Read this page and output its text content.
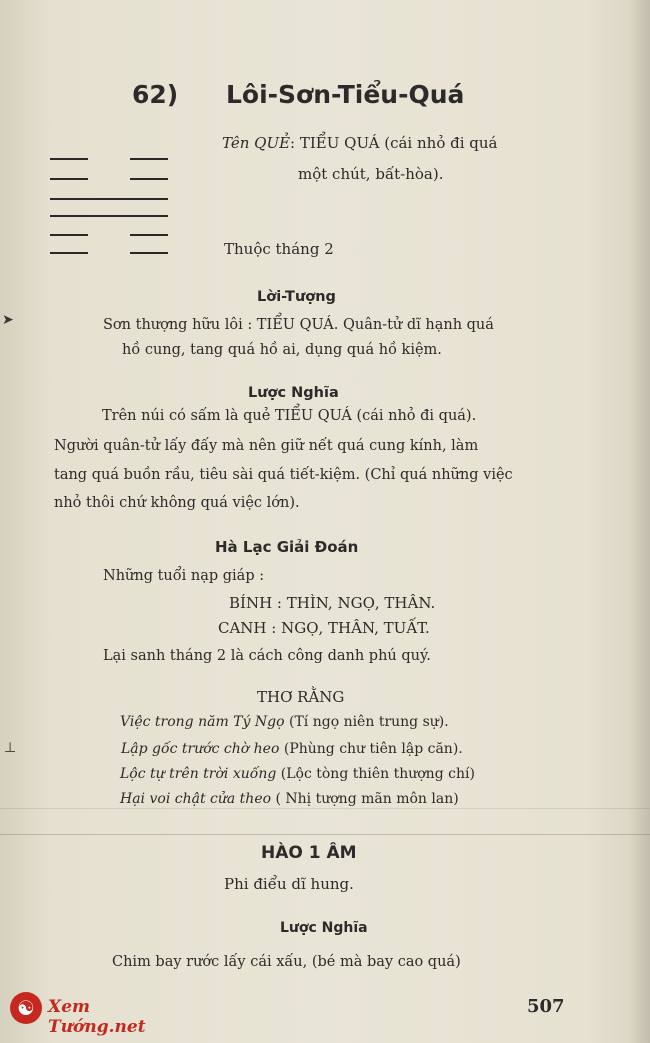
➤
⊥
62) Lôi-Sơn-Tiểu-Quá
Tên QUẺ: TIỂU QUÁ (cái nhỏ đi quá
một chút, bất-hòa).
Thuộc tháng 2
Lời-Tượng
Sơn thượng hữu lôi : TIỂU QUÁ. Quân-tử dĩ hạnh quá
hồ cung, tang quá hồ ai, dụng quá hồ kiệm.
Lược Nghĩa
Trên núi có sấm là quẻ TIỂU QUÁ (cái nhỏ đi quá).
Người quân-tử lấy đấy mà nên giữ nết quá cung kính, làm
tang quá buồn rầu, tiêu sài quá tiết-kiệm. (Chỉ quá những việc
nhỏ thôi chứ không quá việc lớn).
Hà Lạc Giải Đoán
Những tuổi nạp giáp :
BÍNH : THÌN, NGỌ, THÂN.
CANH : NGỌ, THÂN, TUẤT.
Lại sanh tháng 2 là cách công danh phú quý.
THƠ RẰNG
Việc trong năm Tý Ngọ (Tí ngọ niên trung sự).
Lập gốc trước chờ heo (Phùng chư tiên lập căn).
Lộc tự trên trời xuống (Lộc tòng thiên thượng chí)
Hại voi chật cửa theo ( Nhị tượng mãn môn lan)
HÀO 1 ÂM
Phi điểu dĩ hung.
Lược Nghĩa
Chim bay rước lấy cái xấu, (bé mà bay cao quá)
507
☯ Xem Tướng.net
